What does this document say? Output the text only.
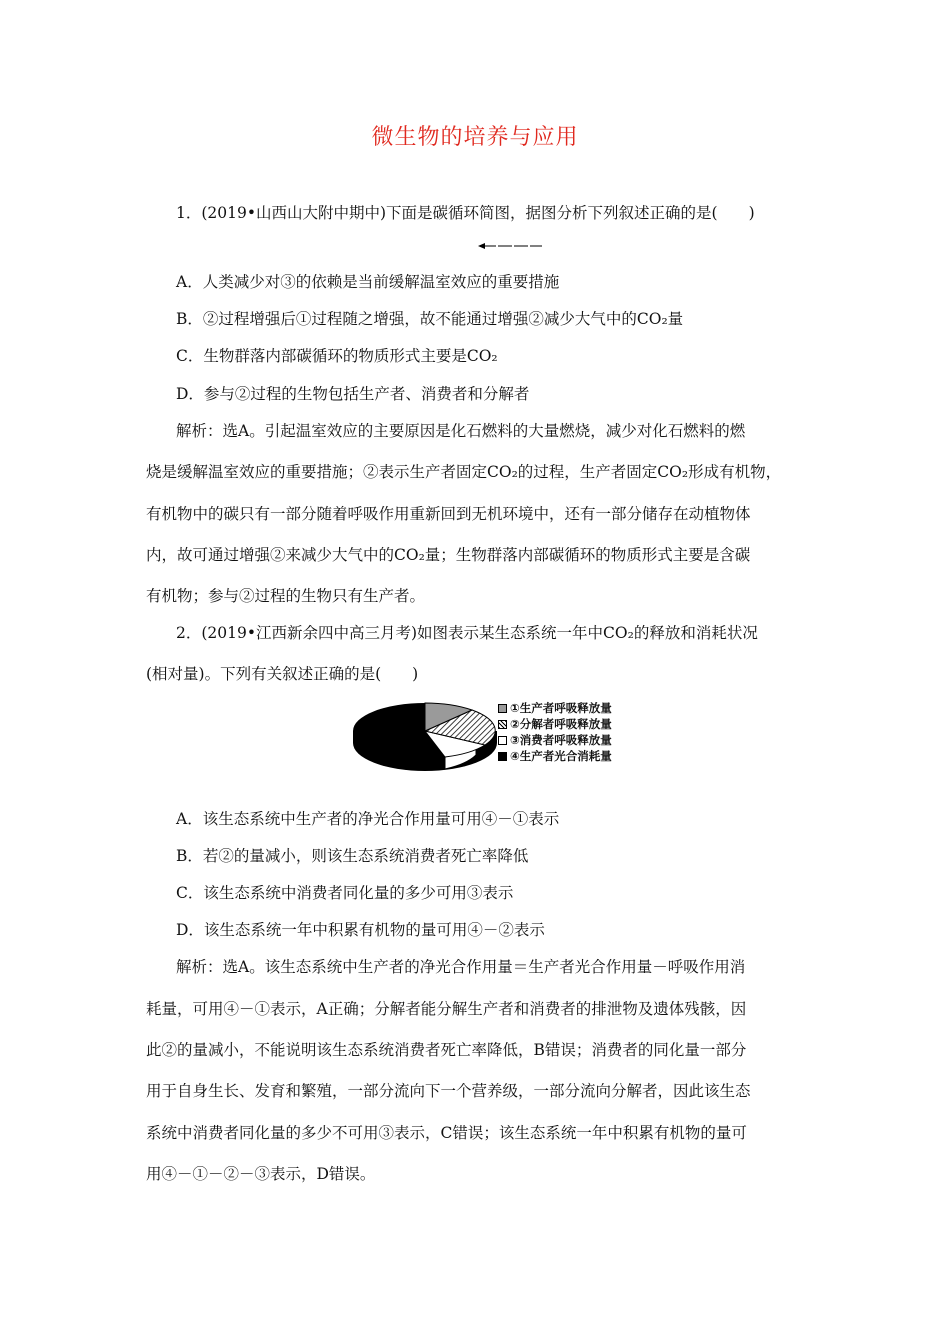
微生物的培养与应用
1．(2019•山西山大附中期中)下面是碳循环简图，据图分析下列叙述正确的是(　　)
A．人类减少对③的依赖是当前缓解温室效应的重要措施
B．②过程增强后①过程随之增强，故不能通过增强②减少大气中的CO₂量
C．生物群落内部碳循环的物质形式主要是CO₂
D．参与②过程的生物包括生产者、消费者和分解者
解析：选A。引起温室效应的主要原因是化石燃料的大量燃烧，减少对化石燃料的燃
烧是缓解温室效应的重要措施；②表示生产者固定CO₂的过程，生产者固定CO₂形成有机物，
有机物中的碳只有一部分随着呼吸作用重新回到无机环境中，还有一部分储存在动植物体
内，故可通过增强②来减少大气中的CO₂量；生物群落内部碳循环的物质形式主要是含碳
有机物；参与②过程的生物只有生产者。
2．(2019•江西新余四中高三月考)如图表示某生态系统一年中CO₂的释放和消耗状况
(相对量)。下列有关叙述正确的是(　　)
①生产者呼吸释放量
②分解者呼吸释放量
③消费者呼吸释放量
④生产者光合消耗量
A．该生态系统中生产者的净光合作用量可用④－①表示
B．若②的量减小，则该生态系统消费者死亡率降低
C．该生态系统中消费者同化量的多少可用③表示
D．该生态系统一年中积累有机物的量可用④－②表示
解析：选A。该生态系统中生产者的净光合作用量＝生产者光合作用量－呼吸作用消
耗量，可用④－①表示，A正确；分解者能分解生产者和消费者的排泄物及遗体残骸，因
此②的量减小，不能说明该生态系统消费者死亡率降低，B错误；消费者的同化量一部分
用于自身生长、发育和繁殖，一部分流向下一个营养级，一部分流向分解者，因此该生态
系统中消费者同化量的多少不可用③表示，C错误；该生态系统一年中积累有机物的量可
用④－①－②－③表示，D错误。
